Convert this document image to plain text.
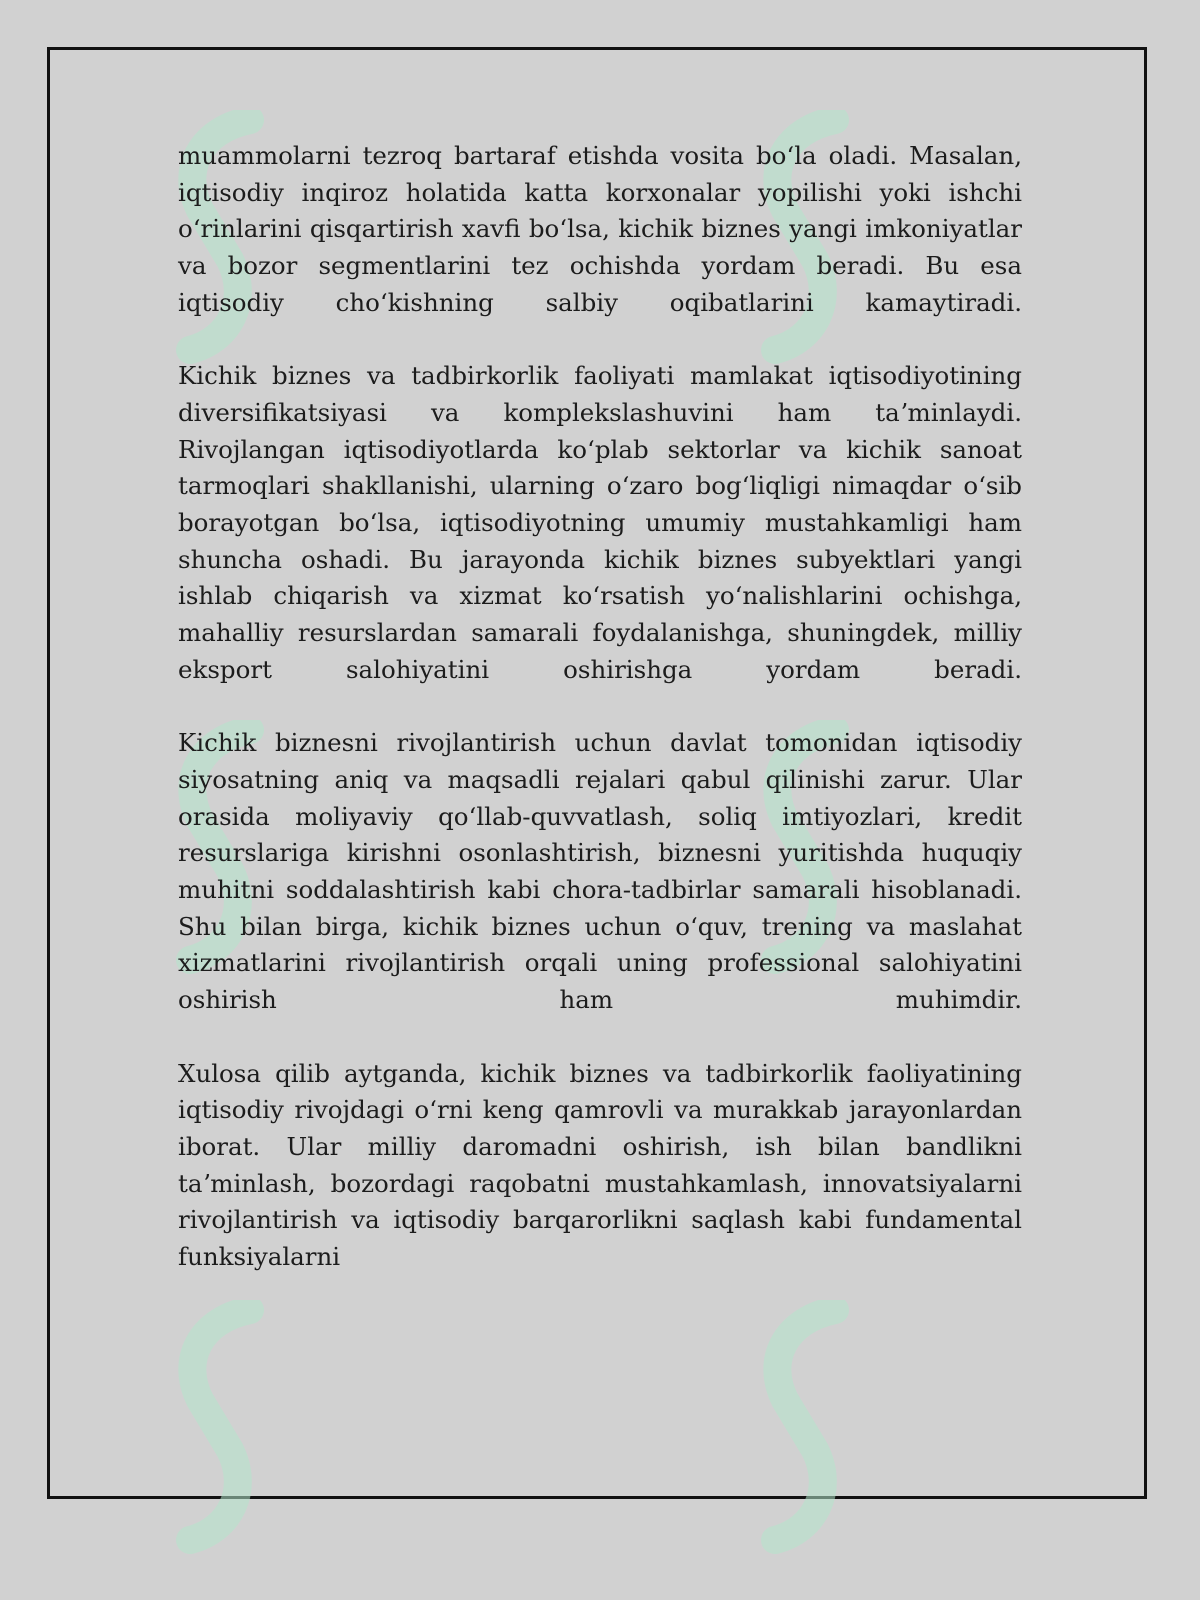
muammolarni tezroq bartaraf etishda vosita boʻla oladi. Masalan, iqtisodiy inqiroz holatida katta korxonalar yopilishi yoki ishchi oʻrinlarini qisqartirish xavfi boʻlsa, kichik biznes yangi imkoniyatlar va bozor segmentlarini tez ochishda yordam beradi. Bu esa iqtisodiy choʻkishning salbiy oqibatlarini kamaytiradi.

Kichik biznes va tadbirkorlik faoliyati mamlakat iqtisodiyotining diversifikatsiyasi va komplekslashuvini ham taʼminlaydi. Rivojlangan iqtisodiyotlarda koʻplab sektorlar va kichik sanoat tarmoqlari shakllanishi, ularning oʻzaro bogʻliqligi nimaqdar oʻsib borayotgan boʻlsa, iqtisodiyotning umumiy mustahkamligi ham shuncha oshadi. Bu jarayonda kichik biznes subyektlari yangi ishlab chiqarish va xizmat koʻrsatish yoʻnalishlarini ochishga, mahalliy resurslardan samarali foydalanishga, shuningdek, milliy eksport salohiyatini oshirishga yordam beradi.

Kichik biznesni rivojlantirish uchun davlat tomonidan iqtisodiy siyosatning aniq va maqsadli rejalari qabul qilinishi zarur. Ular orasida moliyaviy qoʻllab-quvvatlash, soliq imtiyozlari, kredit resurslariga kirishni osonlashtirish, biznesni yuritishda huquqiy muhitni soddalashtirish kabi chora-tadbirlar samarali hisoblanadi. Shu bilan birga, kichik biznes uchun oʻquv, trening va maslahat xizmatlarini rivojlantirish orqali uning professional salohiyatini oshirish ham muhimdir.

Xulosa qilib aytganda, kichik biznes va tadbirkorlik faoliyatining iqtisodiy rivojdagi oʻrni keng qamrovli va murakkab jarayonlardan iborat. Ular milliy daromadni oshirish, ish bilan bandlikni taʼminlash, bozordagi raqobatni mustahkamlash, innovatsiyalarni rivojlantirish va iqtisodiy barqarorlikni saqlash kabi fundamental funksiyalarni
